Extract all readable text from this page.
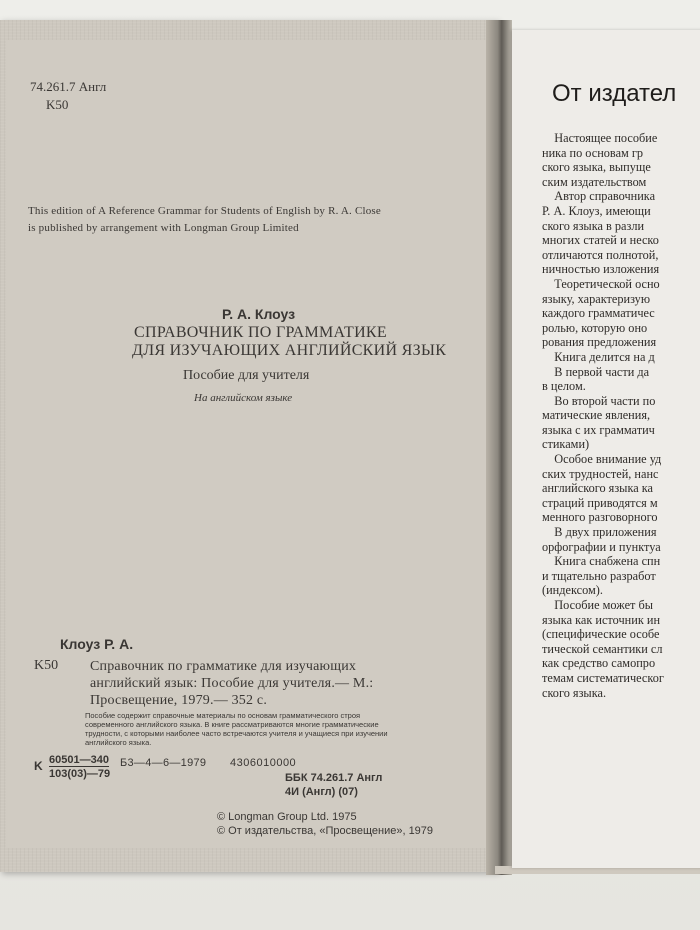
74.261.7 Англ
K50
This edition of A Reference Grammar for Students of English by R. A. Close
is published by arrangement with Longman Group Limited
Р. А. Клоуз
СПРАВОЧНИК ПО ГРАММАТИКЕ
ДЛЯ ИЗУЧАЮЩИХ АНГЛИЙСКИЙ ЯЗЫК
Пособие для учителя
На английском языке
Клоуз Р. А.
K50 Справочник по грамматике для изучающих английский язык: Пособие для учителя.— М.: Просвещение, 1979.— 352 с.
Пособие содержит справочные материалы по основам грамматического строя современного английского языка. В книге рассматриваются многие грамматические трудности, с которыми наиболее часто встречаются учителя и учащиеся при изучении английского языка.
K 60501—340
103(03)—79
Б3—4—6—1979 4306010000
ББК 74.261.7 Англ
4И (Англ) (07)
© Longman Group Ltd. 1975
© От издательства, «Просвещение», 1979
От издател
Настоящее пособие
ника по основам гр
ского языка, выпуще
ским издательством
Автор справочника
Р. А. Клоуз, имеющи
ского языка в разли
многих статей и неско
отличаются полнотой,
ничностью изложения
Теоретической осно
языку, характеризую
каждого грамматичес
ролью, которую оно
рования предложения
Книга делится на д
В первой части да
в целом.
Во второй части по
матические явления,
языка с их грамматич
стиками)
Особое внимание уд
ских трудностей, нанс
английского языка ка
страций приводятся м
менного разговорного
В двух приложения
орфографии и пунктуа
Книга снабжена спн
и тщательно разработ
(индексом).
Пособие может бы
языка как источник ин
(специфические особе
тической семантики сл
как средство самопро
темам систематическог
ского языка.
